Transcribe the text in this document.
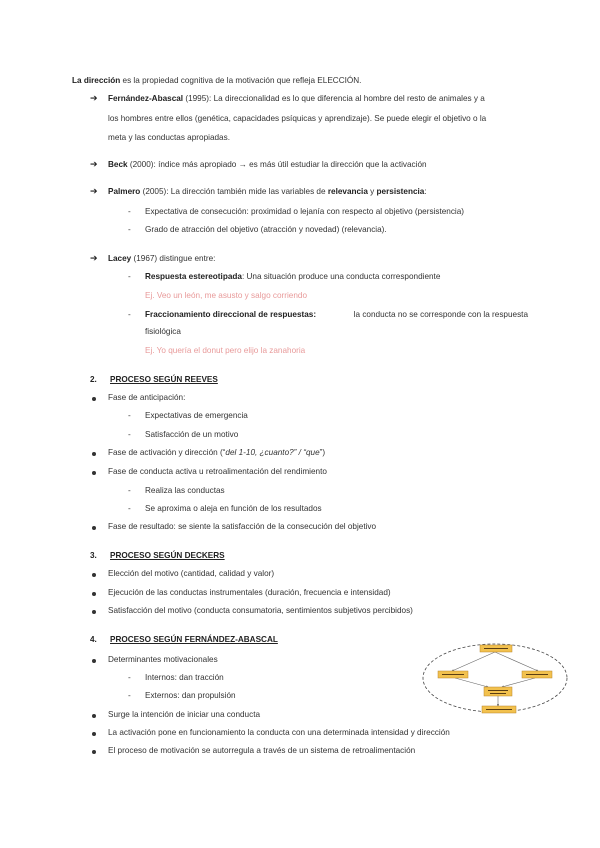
La dirección es la propiedad cognitiva de la motivación que refleja ELECCIÓN.
➔ Fernández-Abascal (1995): La direccionalidad es lo que diferencia al hombre del resto de animales y a
los hombres entre ellos (genética, capacidades psíquicas y aprendizaje). Se puede elegir el objetivo o la
meta y las conductas apropiadas.
➔ Beck (2000): índice más apropiado → es más útil estudiar la dirección que la activación
➔ Palmero (2005): La dirección también mide las variables de relevancia y persistencia:
- Expectativa de consecución: proximidad o lejanía con respecto al objetivo (persistencia)
- Grado de atracción del objetivo (atracción y novedad) (relevancia).
➔ Lacey (1967) distingue entre:
- Respuesta estereotipada: Una situación produce una conducta correspondiente
Ej. Veo un león, me asusto y salgo corriendo
- Fraccionamiento direccional de respuestas:	la conducta no se corresponde con la respuesta
fisiológica
Ej. Yo quería el donut pero elijo la zanahoria
2. PROCESO SEGÚN REEVES
Fase de anticipación:
- Expectativas de emergencia
- Satisfacción de un motivo
Fase de activación y dirección (“del 1-10, ¿cuanto?” / “que”)
Fase de conducta activa u retroalimentación del rendimiento
- Realiza las conductas
- Se aproxima o aleja en función de los resultados
Fase de resultado: se siente la satisfacción de la consecución del objetivo
3. PROCESO SEGÚN DECKERS
Elección del motivo (cantidad, calidad y valor)
Ejecución de las conductas instrumentales (duración, frecuencia e intensidad)
Satisfacción del motivo (conducta consumatoria, sentimientos subjetivos percibidos)
4. PROCESO SEGÚN FERNÁNDEZ-ABASCAL
Determinantes motivacionales
- Internos: dan tracción
- Externos: dan propulsión
Surge la intención de iniciar una conducta
La activación pone en funcionamiento la conducta con una determinada intensidad y dirección
El proceso de motivación se autorregula a través de un sistema de retroalimentación
